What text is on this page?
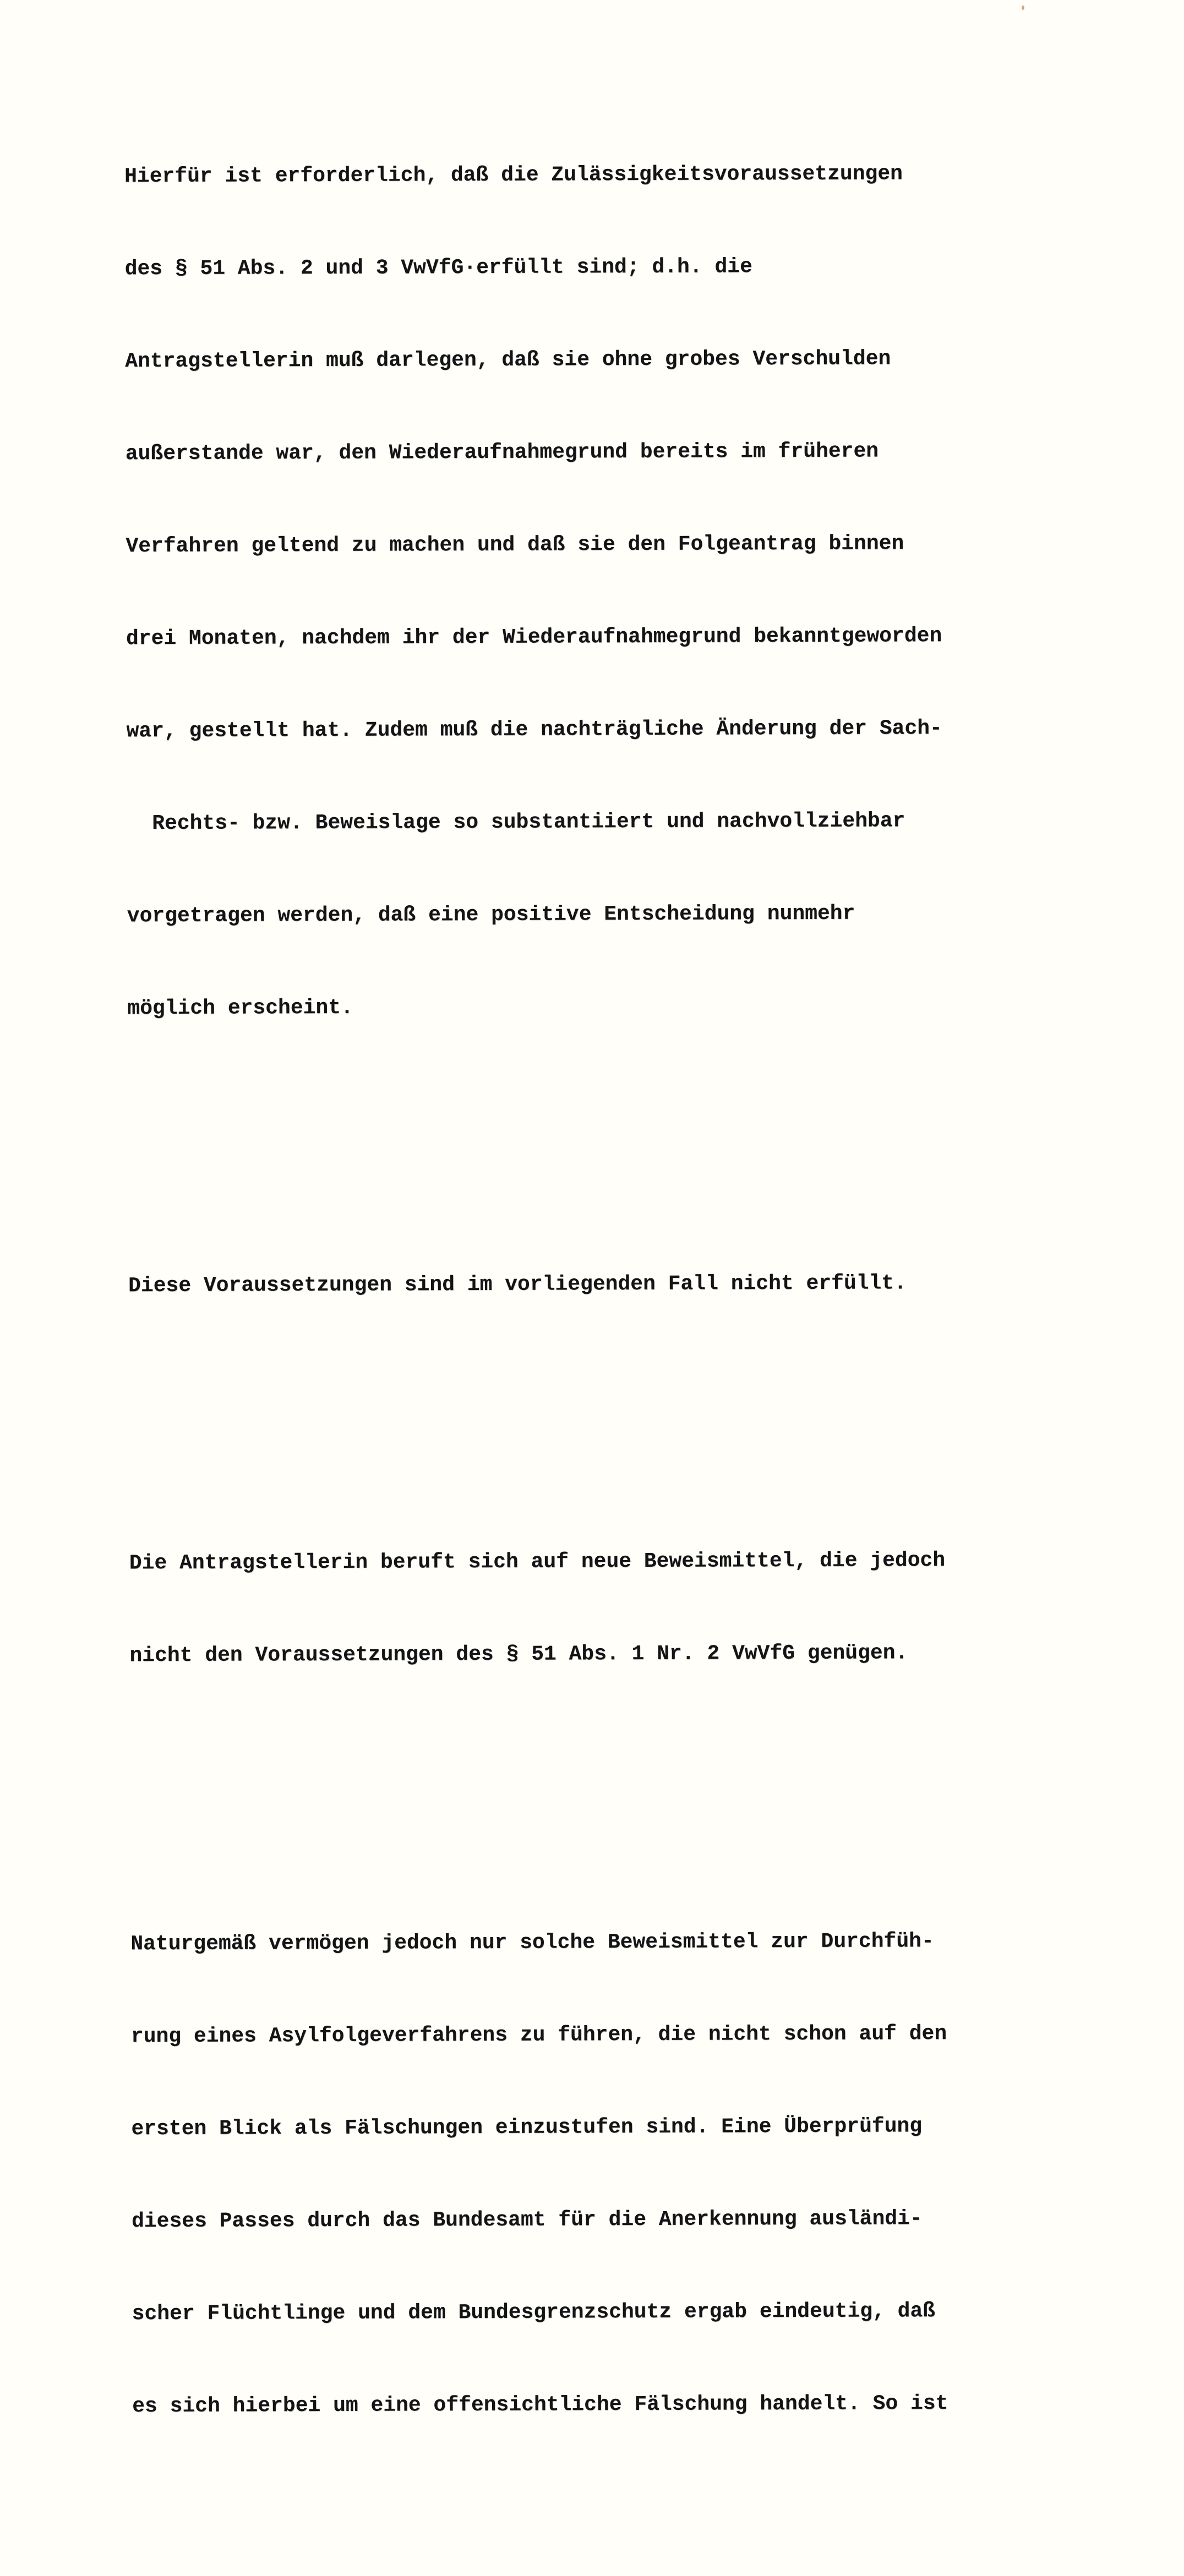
Hierfür ist erforderlich, daß die Zulässigkeitsvoraussetzungen

des § 51 Abs. 2 und 3 VwVfG·erfüllt sind; d.h. die

Antragstellerin muß darlegen, daß sie ohne grobes Verschulden

außerstande war, den Wiederaufnahmegrund bereits im früheren

Verfahren geltend zu machen und daß sie den Folgeantrag binnen

drei Monaten, nachdem ihr der Wiederaufnahmegrund bekanntgeworden

war, gestellt hat. Zudem muß die nachträgliche Änderung der Sach-

Rechts- bzw. Beweislage so substantiiert und nachvollziehbar

vorgetragen werden, daß eine positive Entscheidung nunmehr

möglich erscheint.

Diese Voraussetzungen sind im vorliegenden Fall nicht erfüllt.

Die Antragstellerin beruft sich auf neue Beweismittel, die jedoch

nicht den Voraussetzungen des § 51 Abs. 1 Nr. 2 VwVfG genügen.

Naturgemäß vermögen jedoch nur solche Beweismittel zur Durchfüh-

rung eines Asylfolgeverfahrens zu führen, die nicht schon auf den

ersten Blick als Fälschungen einzustufen sind. Eine Überprüfung

dieses Passes durch das Bundesamt für die Anerkennung ausländi-

scher Flüchtlinge und dem Bundesgrenzschutz ergab eindeutig, daß

es sich hierbei um eine offensichtliche Fälschung handelt. So ist
